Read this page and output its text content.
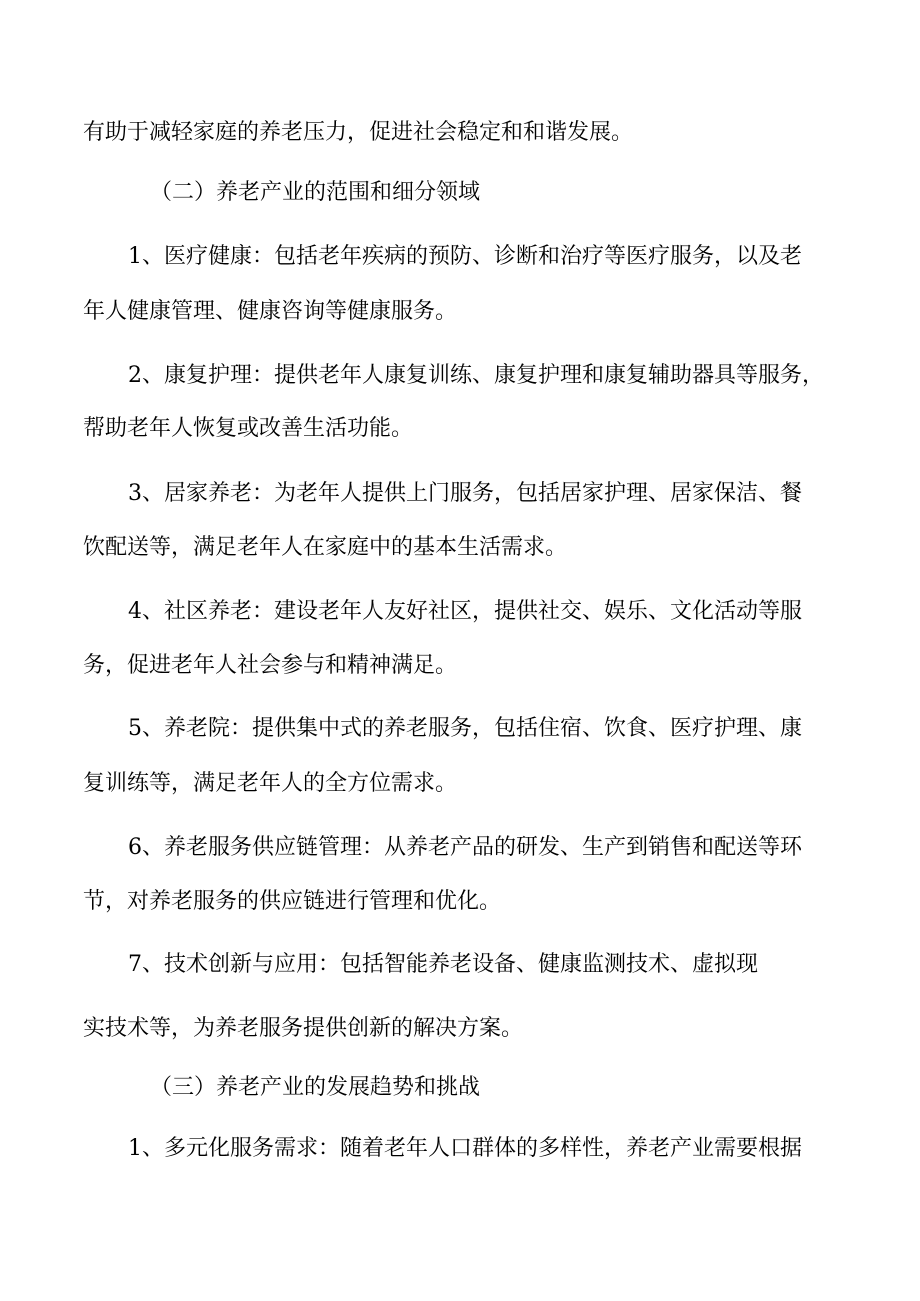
有助于减轻家庭的养老压力，促进社会稳定和和谐发展。
（二）养老产业的范围和细分领域
1、医疗健康：包括老年疾病的预防、诊断和治疗等医疗服务，以及老
年人健康管理、健康咨询等健康服务。
2、康复护理：提供老年人康复训练、康复护理和康复辅助器具等服务，
帮助老年人恢复或改善生活功能。
3、居家养老：为老年人提供上门服务，包括居家护理、居家保洁、餐
饮配送等，满足老年人在家庭中的基本生活需求。
4、社区养老：建设老年人友好社区，提供社交、娱乐、文化活动等服
务，促进老年人社会参与和精神满足。
5、养老院：提供集中式的养老服务，包括住宿、饮食、医疗护理、康
复训练等，满足老年人的全方位需求。
6、养老服务供应链管理：从养老产品的研发、生产到销售和配送等环
节，对养老服务的供应链进行管理和优化。
7、技术创新与应用：包括智能养老设备、健康监测技术、虚拟现
实技术等，为养老服务提供创新的解决方案。
（三）养老产业的发展趋势和挑战
1、多元化服务需求：随着老年人口群体的多样性，养老产业需要根据
